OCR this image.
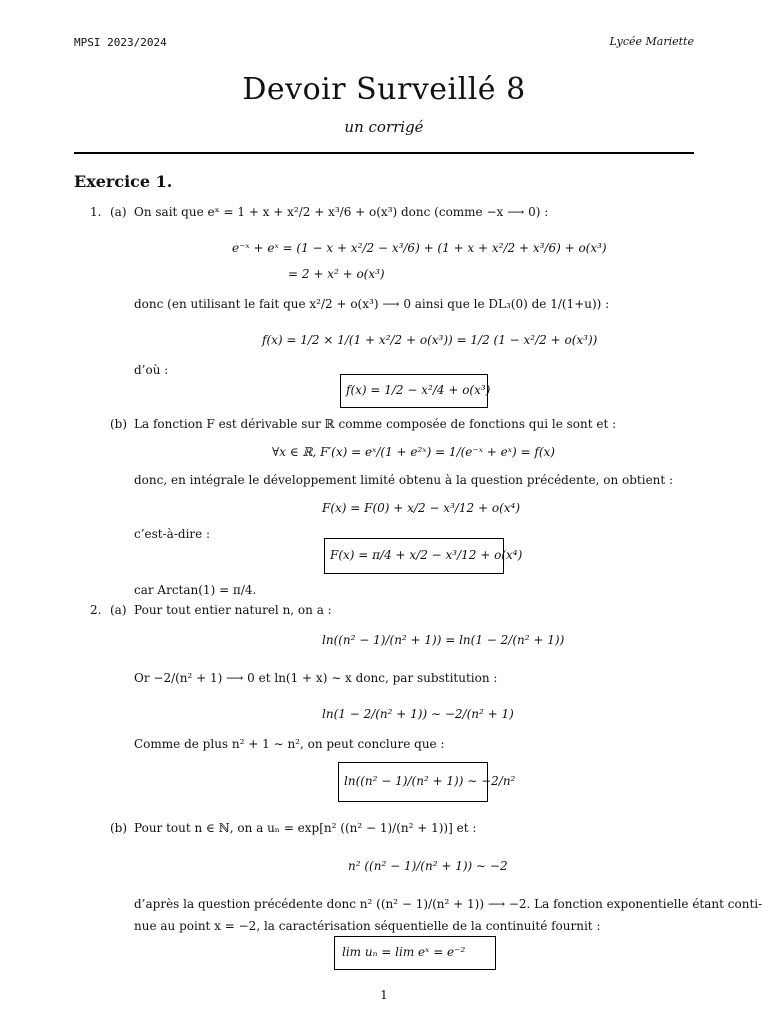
MPSI 2023/2024	Lycée Mariette
Devoir Surveillé 8
un corrigé
Exercice 1.
1. (a) On sait que eˣ = 1 + x + x²/2 + x³/6 + o(x³) donc (comme −x ⟶ 0) :
e⁻ˣ + eˣ = (1 − x + x²/2 − x³/6) + (1 + x + x²/2 + x³/6) + o(x³)
= 2 + x² + o(x³)
donc (en utilisant le fait que x²/2 + o(x³) ⟶ 0 ainsi que le DL₃(0) de 1/(1+u)) :
f(x) = 1/2 × 1/(1 + x²/2 + o(x³)) = 1/2 (1 − x²/2 + o(x³))
d’où :
f(x) = 1/2 − x²/4 + o(x³)
(b) La fonction F est dérivable sur ℝ comme composée de fonctions qui le sont et :
∀x ∈ ℝ, F′(x) = eˣ/(1 + e²ˣ) = 1/(e⁻ˣ + eˣ) = f(x)
donc, en intégrale le développement limité obtenu à la question précédente, on obtient :
F(x) = F(0) + x/2 − x³/12 + o(x⁴)
c’est-à-dire :
F(x) = π/4 + x/2 − x³/12 + o(x⁴)
car Arctan(1) = π/4.
2. (a) Pour tout entier naturel n, on a :
ln((n² − 1)/(n² + 1)) = ln(1 − 2/(n² + 1))
Or −2/(n² + 1) ⟶ 0 et ln(1 + x) ∼ x donc, par substitution :
ln(1 − 2/(n² + 1)) ∼ −2/(n² + 1)
Comme de plus n² + 1 ∼ n², on peut conclure que :
ln((n² − 1)/(n² + 1)) ∼ −2/n²
(b) Pour tout n ∈ ℕ, on a uₙ = exp[n² ((n² − 1)/(n² + 1))] et :
n² ((n² − 1)/(n² + 1)) ∼ −2
d’après la question précédente donc n² ((n² − 1)/(n² + 1)) ⟶ −2. La fonction exponentielle étant conti-
nue au point x = −2, la caractérisation séquentielle de la continuité fournit :
lim uₙ = lim eˣ = e⁻²
1
